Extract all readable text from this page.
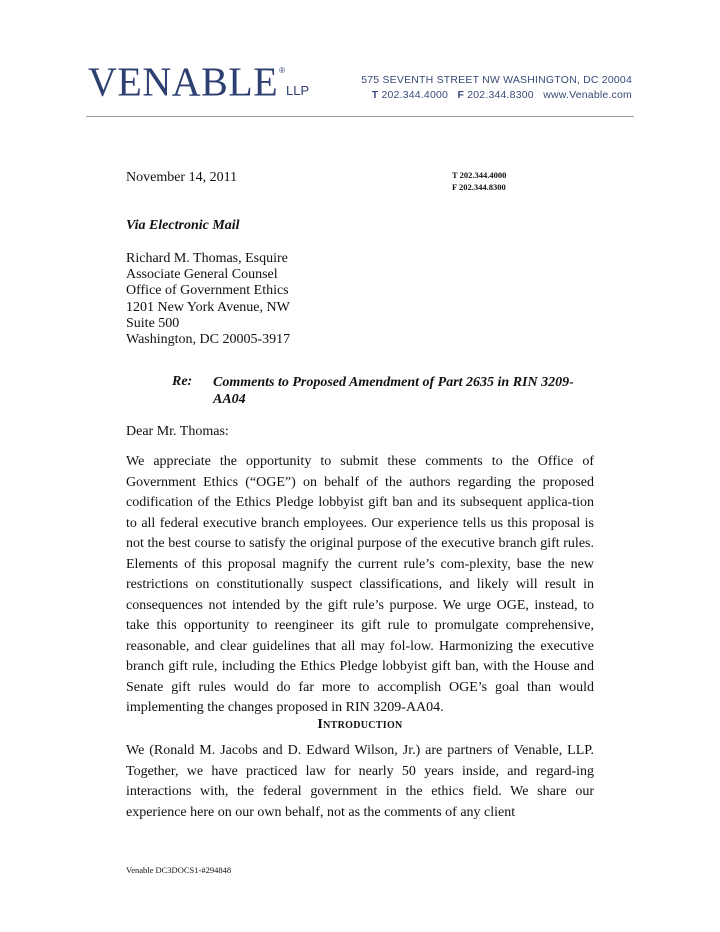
VENABLE®LLP
575 SEVENTH STREET NW WASHINGTON, DC 20004
T 202.344.4000 F 202.344.8300 www.Venable.com
November 14, 2011	T 202.344.4000
F 202.344.8300
Via Electronic Mail
Richard M. Thomas, Esquire
Associate General Counsel
Office of Government Ethics
1201 New York Avenue, NW
Suite 500
Washington, DC 20005-3917
Re: Comments to Proposed Amendment of Part 2635 in RIN 3209-AA04
Dear Mr. Thomas:
We appreciate the opportunity to submit these comments to the Office of Government Ethics (“OGE”) on behalf of the authors regarding the proposed codification of the Ethics Pledge lobbyist gift ban and its subsequent applica-tion to all federal executive branch employees. Our experience tells us this proposal is not the best course to satisfy the original purpose of the executive branch gift rules. Elements of this proposal magnify the current rule’s com-plexity, base the new restrictions on constitutionally suspect classifications, and likely will result in consequences not intended by the gift rule’s purpose. We urge OGE, instead, to take this opportunity to reengineer its gift rule to promulgate comprehensive, reasonable, and clear guidelines that all may fol-low. Harmonizing the executive branch gift rule, including the Ethics Pledge lobbyist gift ban, with the House and Senate gift rules would do far more to accomplish OGE’s goal than would implementing the changes proposed in RIN 3209-AA04.
Introduction
We (Ronald M. Jacobs and D. Edward Wilson, Jr.) are partners of Venable, LLP. Together, we have practiced law for nearly 50 years inside, and regard-ing interactions with, the federal government in the ethics field. We share our experience here on our own behalf, not as the comments of any client
Venable DC3DOCS1-#294848
